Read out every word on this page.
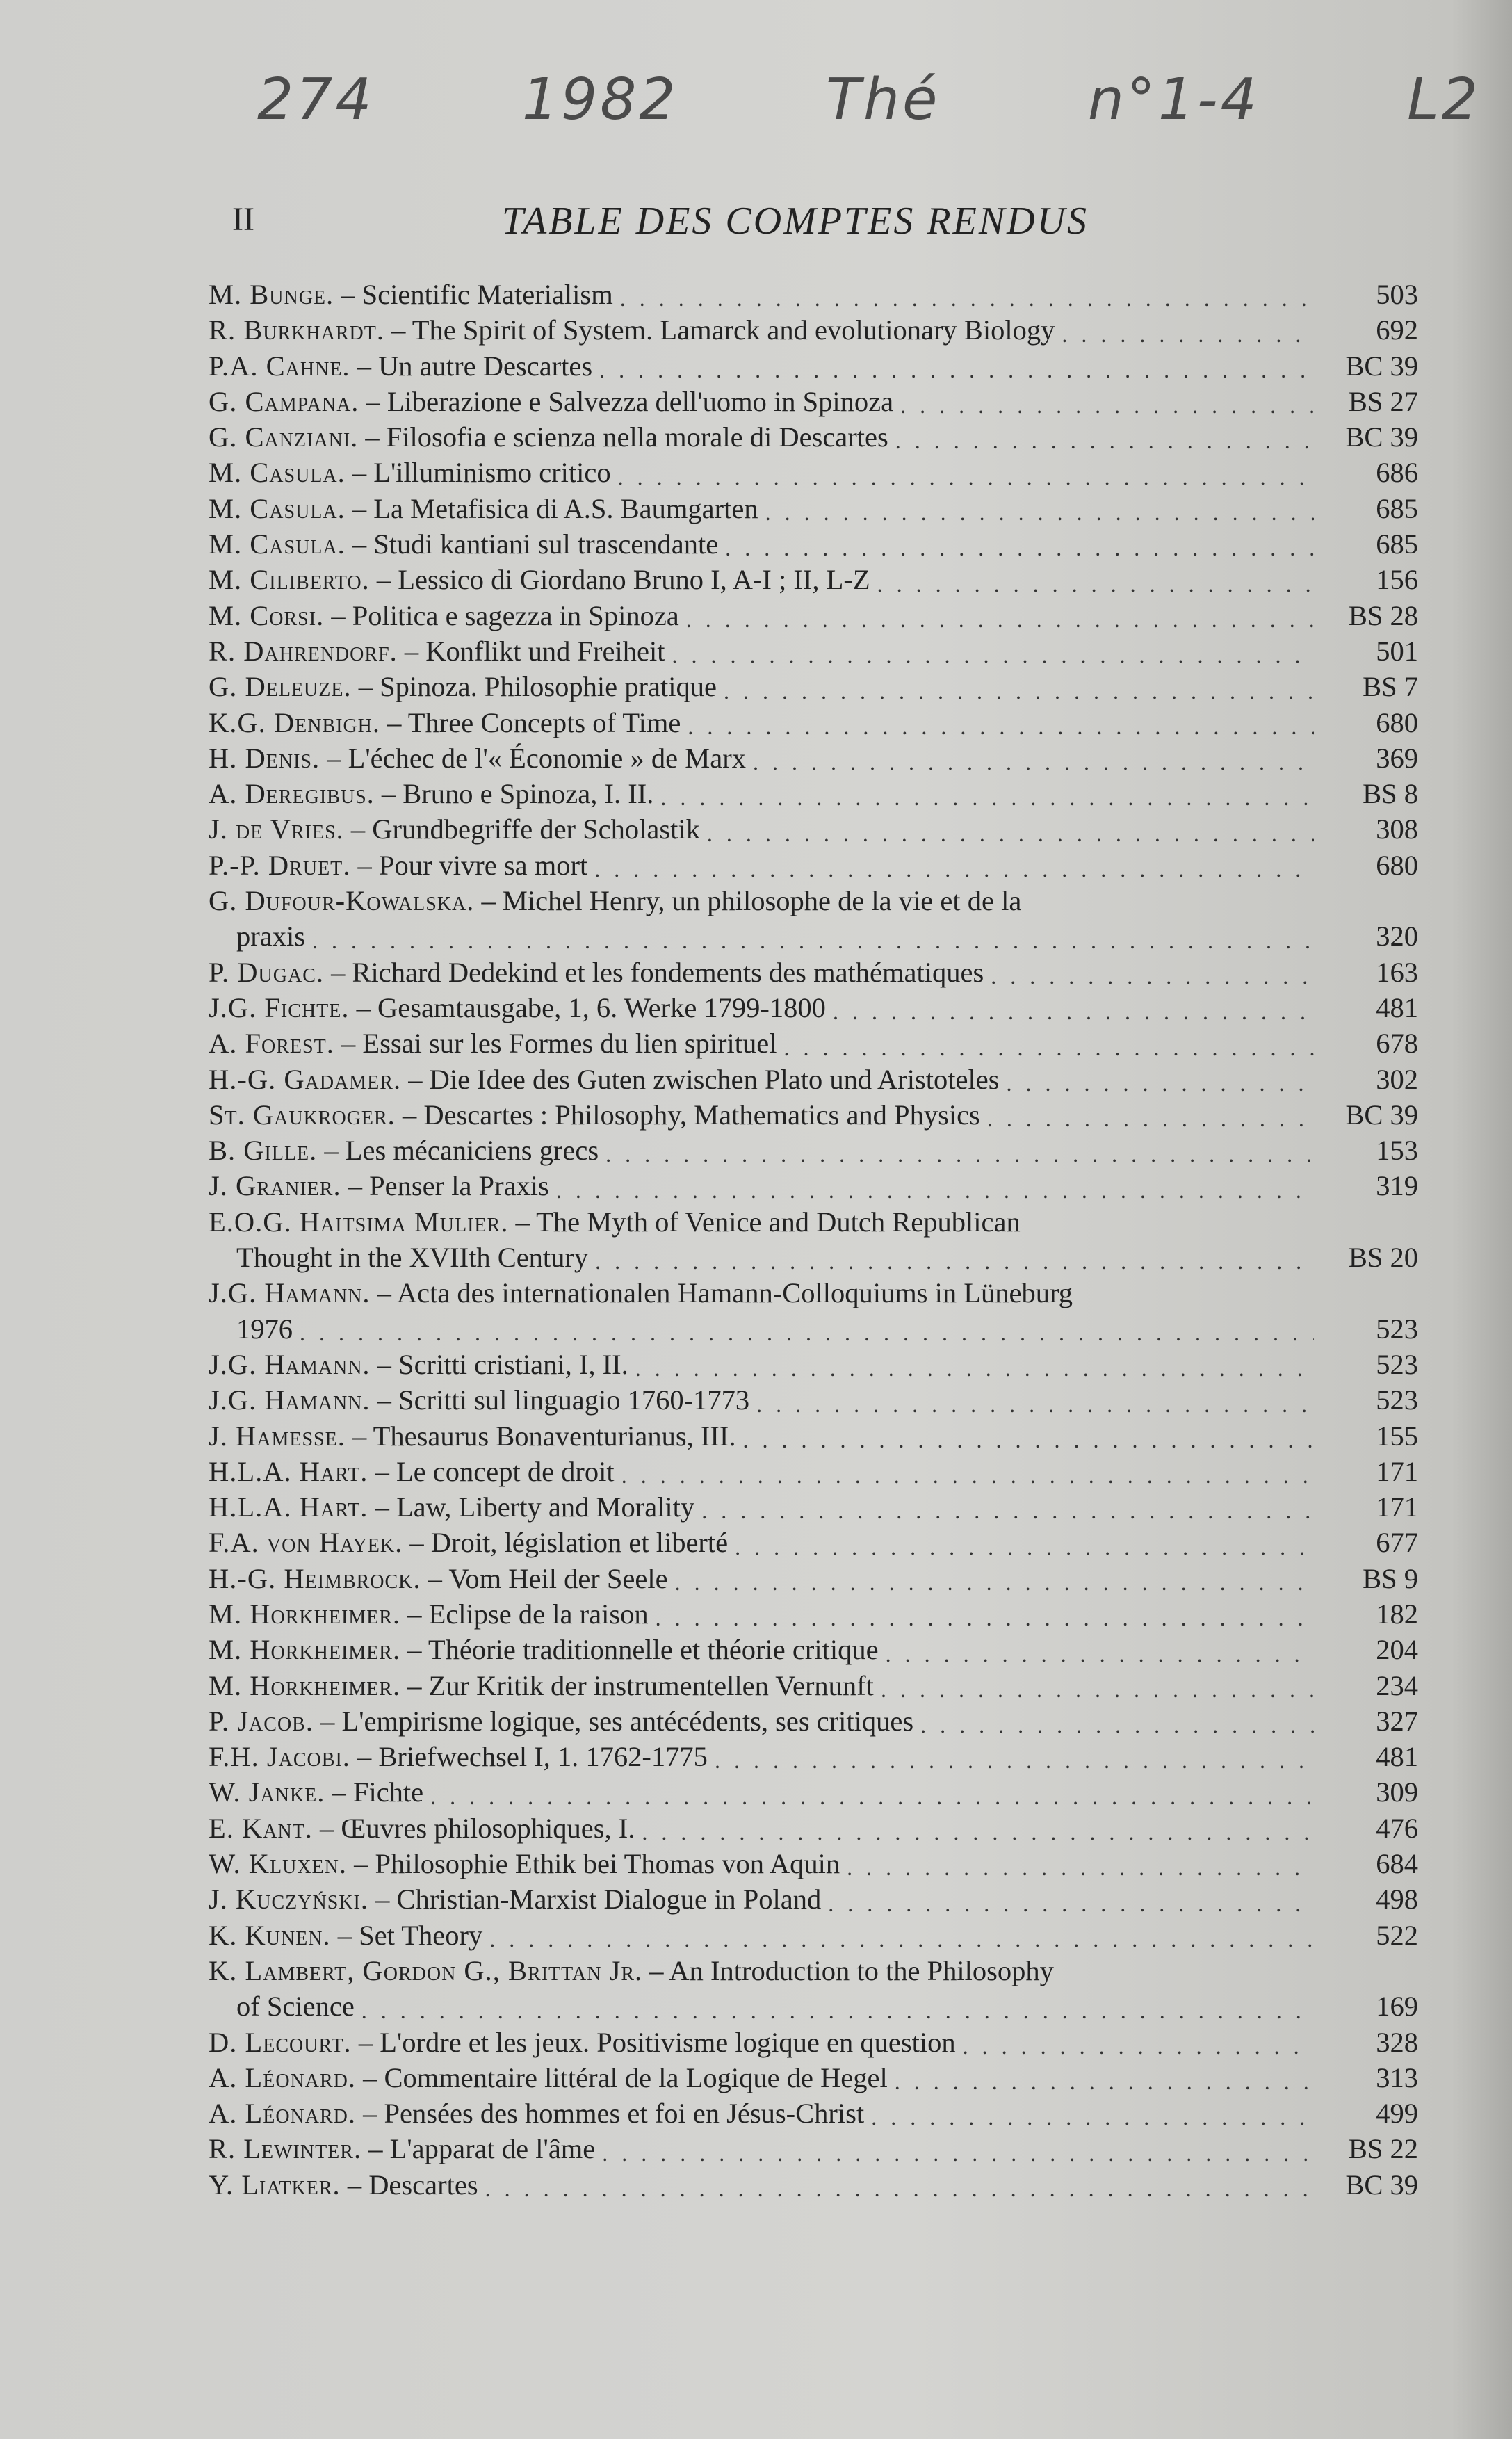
274	1982	Thé	n°1-4	L2
II	TABLE DES COMPTES RENDUS
M. Bunge. – Scientific Materialism . . .	503
R. Burkhardt. – The Spirit of System. Lamarck and evolutionary Biology . . .	692
P.A. Cahne. – Un autre Descartes . . .	BC 39
G. Campana. – Liberazione e Salvezza dell'uomo in Spinoza . . .	BS 27
G. Canziani. – Filosofia e scienza nella morale di Descartes . . .	BC 39
M. Casula. – L'illuminismo critico . . .	686
M. Casula. – La Metafisica di A.S. Baumgarten . . .	685
M. Casula. – Studi kantiani sul trascendante . . .	685
M. Ciliberto. – Lessico di Giordano Bruno I, A-I ; II, L-Z . . .	156
M. Corsi. – Politica e sagezza in Spinoza . . .	BS 28
R. Dahrendorf. – Konflikt und Freiheit . . .	501
G. Deleuze. – Spinoza. Philosophie pratique . . .	BS 7
K.G. Denbigh. – Three Concepts of Time . . .	680
H. Denis. – L'échec de l'« Économie » de Marx . . .	369
A. Deregibus. – Bruno e Spinoza, I. II. . . .	BS 8
J. de Vries. – Grundbegriffe der Scholastik . . .	308
P.-P. Druet. – Pour vivre sa mort . . .	680
G. Dufour-Kowalska. – Michel Henry, un philosophe de la vie et de la
praxis . . .	320
P. Dugac. – Richard Dedekind et les fondements des mathématiques . . .	163
J.G. Fichte. – Gesamtausgabe, 1, 6. Werke 1799-1800 . . .	481
A. Forest. – Essai sur les Formes du lien spirituel . . .	678
H.-G. Gadamer. – Die Idee des Guten zwischen Plato und Aristoteles . . .	302
St. Gaukroger. – Descartes : Philosophy, Mathematics and Physics . . .	BC 39
B. Gille. – Les mécaniciens grecs . . .	153
J. Granier. – Penser la Praxis . . .	319
E.O.G. Haitsima Mulier. – The Myth of Venice and Dutch Republican
Thought in the XVIIth Century . . .	BS 20
J.G. Hamann. – Acta des internationalen Hamann-Colloquiums in Lüneburg
1976 . . .	523
J.G. Hamann. – Scritti cristiani, I, II. . . .	523
J.G. Hamann. – Scritti sul linguagio 1760-1773 . . .	523
J. Hamesse. – Thesaurus Bonaventurianus, III. . . .	155
H.L.A. Hart. – Le concept de droit . . .	171
H.L.A. Hart. – Law, Liberty and Morality . . .	171
F.A. von Hayek. – Droit, législation et liberté . . .	677
H.-G. Heimbrock. – Vom Heil der Seele . . .	BS 9
M. Horkheimer. – Eclipse de la raison . . .	182
M. Horkheimer. – Théorie traditionnelle et théorie critique . . .	204
M. Horkheimer. – Zur Kritik der instrumentellen Vernunft . . .	234
P. Jacob. – L'empirisme logique, ses antécédents, ses critiques . . .	327
F.H. Jacobi. – Briefwechsel I, 1. 1762-1775 . . .	481
W. Janke. – Fichte . . .	309
E. Kant. – Œuvres philosophiques, I. . . .	476
W. Kluxen. – Philosophie Ethik bei Thomas von Aquin . . .	684
J. Kuczyński. – Christian-Marxist Dialogue in Poland . . .	498
K. Kunen. – Set Theory . . .	522
K. Lambert, Gordon G., Brittan Jr. – An Introduction to the Philosophy
of Science . . .	169
D. Lecourt. – L'ordre et les jeux. Positivisme logique en question . . .	328
A. Léonard. – Commentaire littéral de la Logique de Hegel . . .	313
A. Léonard. – Pensées des hommes et foi en Jésus-Christ . . .	499
R. Lewinter. – L'apparat de l'âme . . .	BS 22
Y. Liatker. – Descartes . . .	BC 39
